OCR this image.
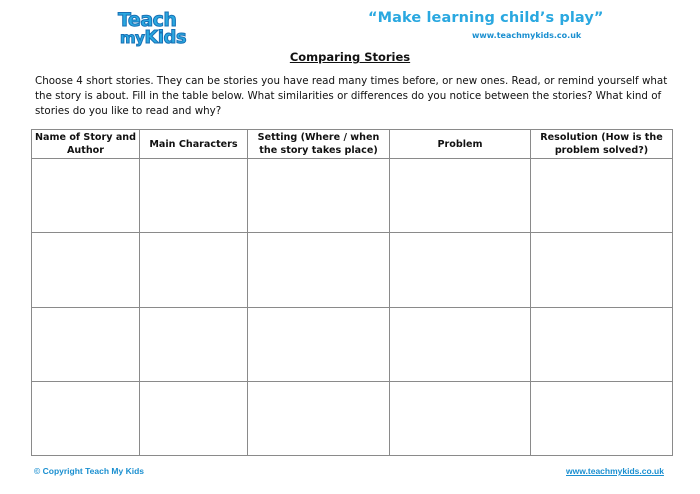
Teach
myKids
“Make learning child’s play”
www.teachmykids.co.uk
Comparing Stories
Choose 4 short stories. They can be stories you have read many times before, or new ones. Read, or remind yourself what the story is about. Fill in the table below. What similarities or differences do you notice between the stories? What kind of stories do you like to read and why?
Name of Story and Author	Main Characters	Setting (Where / when the story takes place)	Problem	Resolution (How is the problem solved?)

© Copyright Teach My Kids	www.teachmykids.co.uk
